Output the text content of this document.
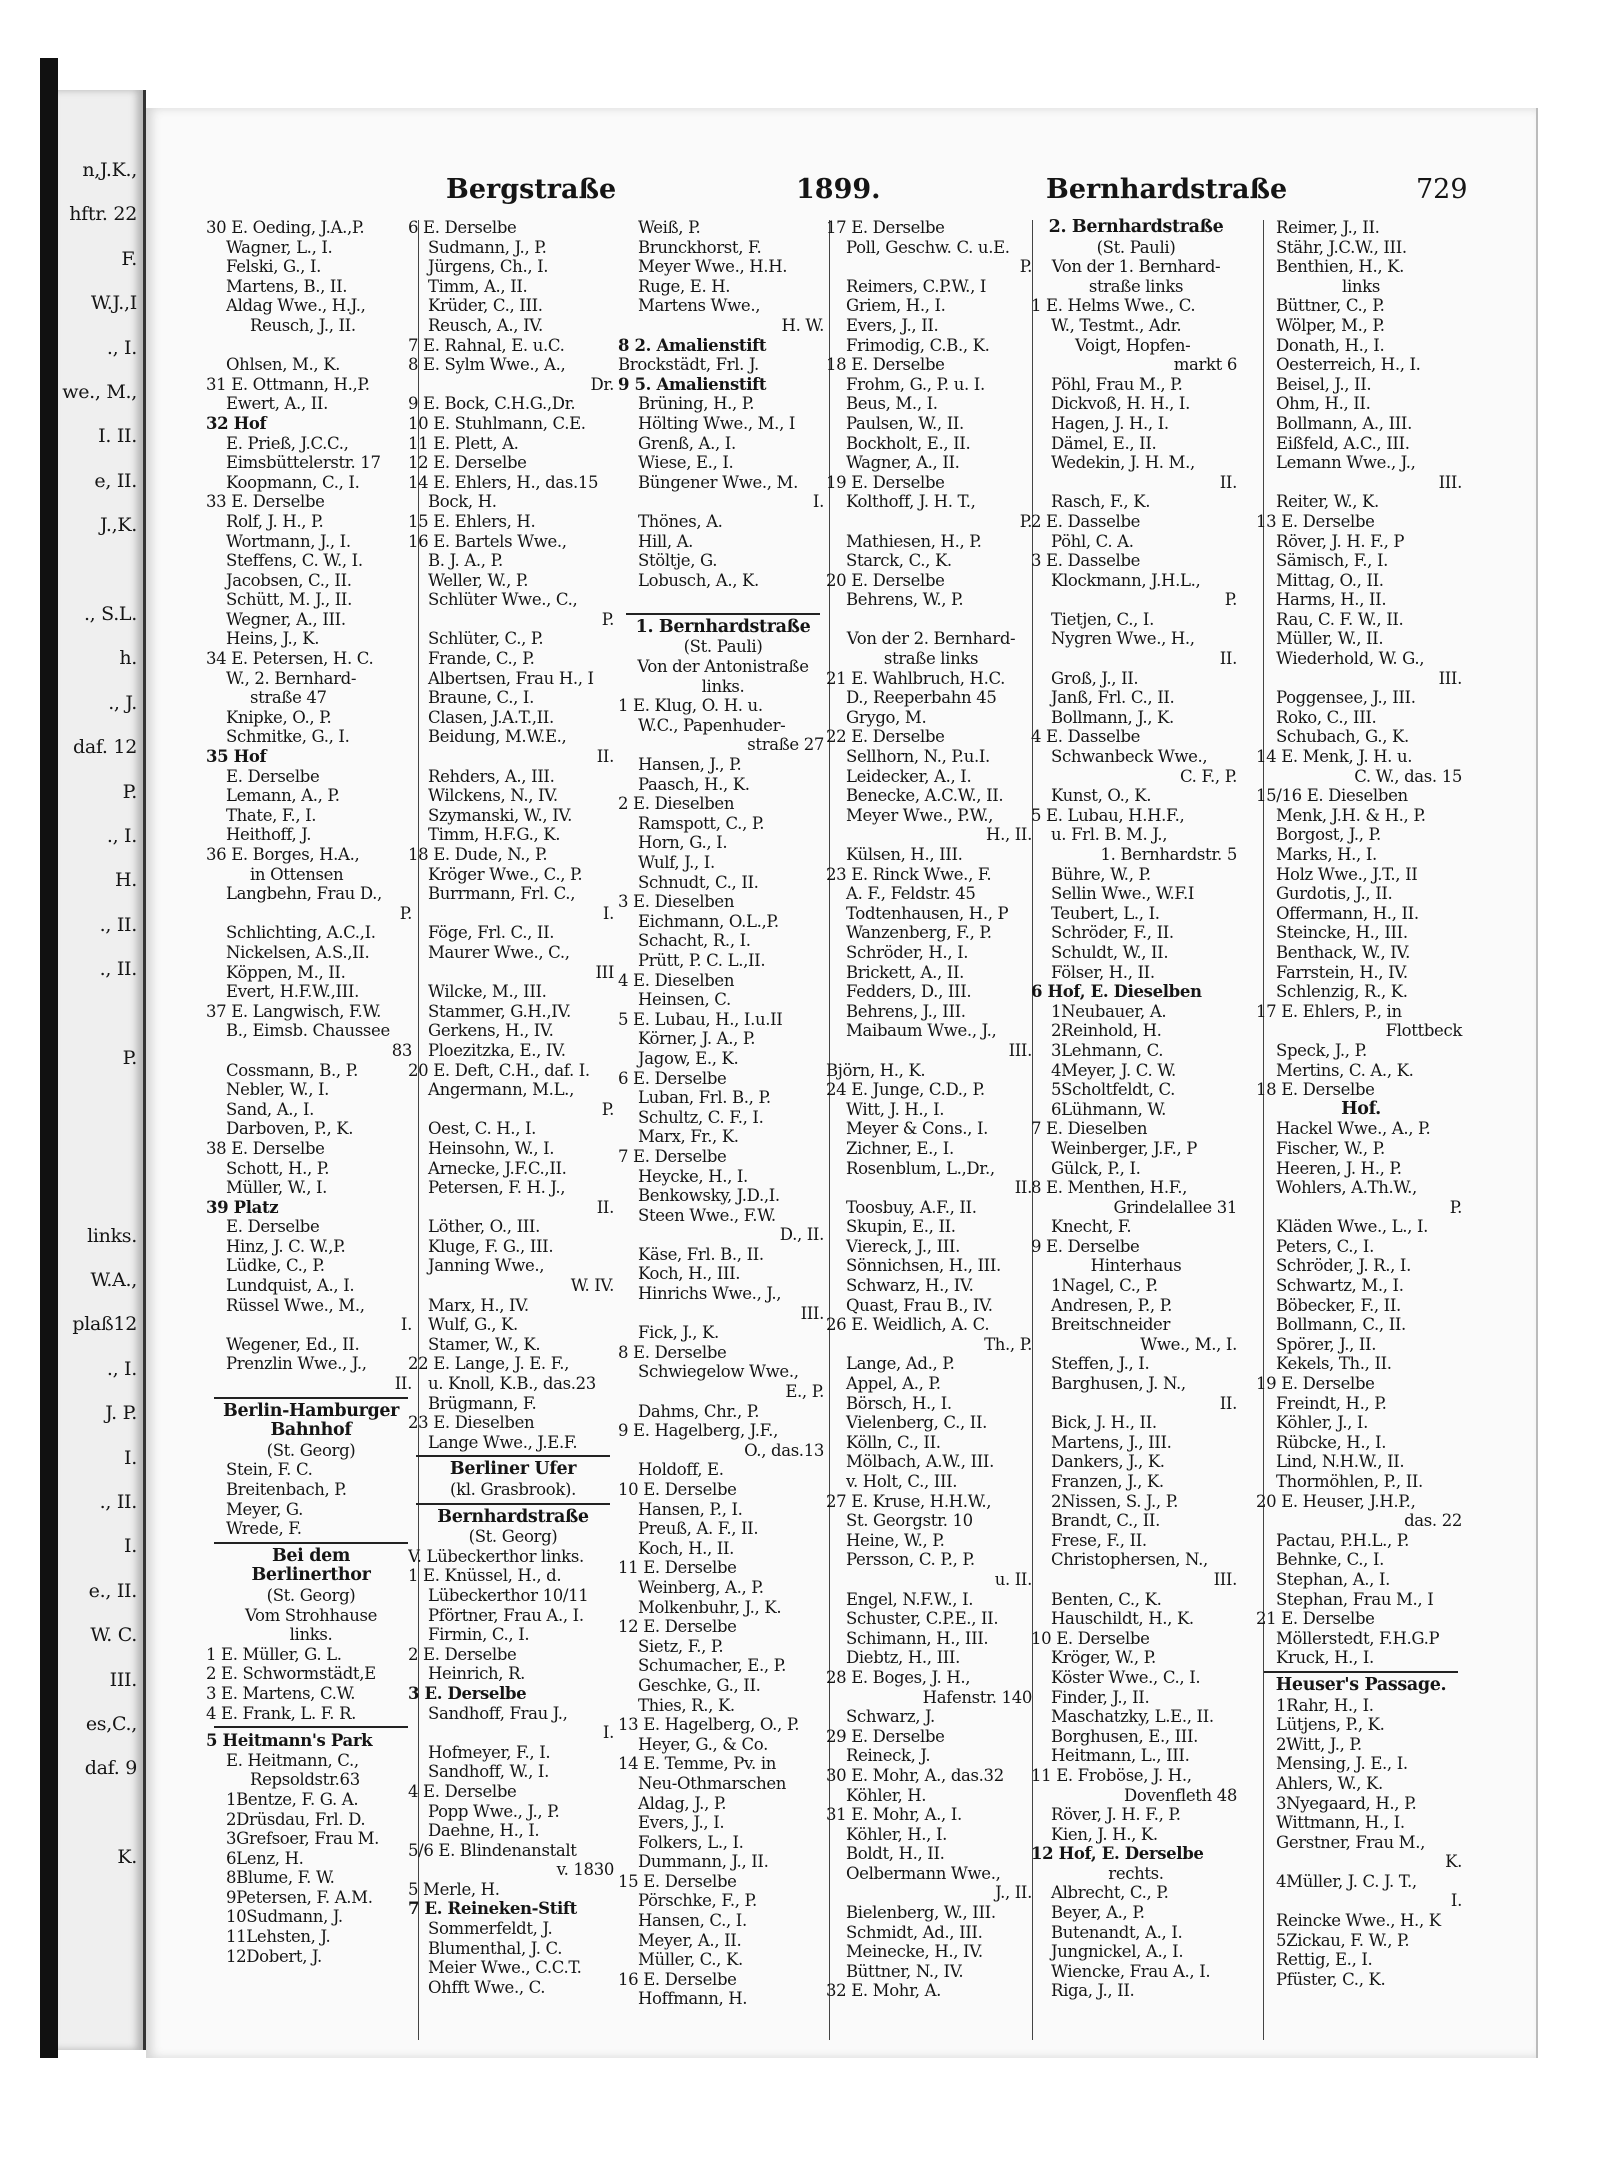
n,J.K.,
hftr. 22
F.
W.J.,I
., I.
we., M.,
I. II.
e, II.
J.,K.
., S.L.
h.
., J.
daf. 12
P.
., I.
H.
., II.
., II.
P.
links.
W.A.,
plaß12
., I.
J. P.
I.
., II.
I.
e., II.
W. C.
III.
es,C.,
daf. 9
K.
Bergstraße	1899.	Bernhardstraße	729
30 E. Oeding, J.A.,P.
Wagner, L., I.
Felski, G., I.
Martens, B., II.
Aldag Wwe., H.J.,
Reusch, J., II.
Ohlsen, M., K.
31 E. Ottmann, H.,P.
Ewert, A., II.
32 Hof
E. Prieß, J.C.C.,
Eimsbüttelerstr. 17
Koopmann, C., I.
33 E. Derselbe
Rolf, J. H., P.
Wortmann, J., I.
Steffens, C. W., I.
Jacobsen, C., II.
Schütt, M. J., II.
Wegner, A., III.
Heins, J., K.
34 E. Petersen, H. C.
W., 2. Bernhard-
straße 47
Knipke, O., P.
Schmitke, G., I.
35 Hof
E. Derselbe
Lemann, A., P.
Thate, F., I.
Heithoff, J.
36 E. Borges, H.A.,
in Ottensen
Langbehn, Frau D.,
P.
Schlichting, A.C.,I.
Nickelsen, A.S.,II.
Köppen, M., II.
Evert, H.F.W.,III.
37 E. Langwisch, F.W.
B., Eimsb. Chaussee
83
Cossmann, B., P.
Nebler, W., I.
Sand, A., I.
Darboven, P., K.
38 E. Derselbe
Schott, H., P.
Müller, W., I.
39 Platz
E. Derselbe
Hinz, J. C. W.,P.
Lüdke, C., P.
Lundquist, A., I.
Rüssel Wwe., M.,
I.
Wegener, Ed., II.
Prenzlin Wwe., J.,
II.
Berlin-Hamburger
Bahnhof
(St. Georg)
Stein, F. C.
Breitenbach, P.
Meyer, G.
Wrede, F.
Bei dem
Berlinerthor
(St. Georg)
Vom Strohhause
links.
1 E. Müller, G. L.
2 E. Schwormstädt,E
3 E. Martens, C.W.
4 E. Frank, L. F. R.
5 Heitmann's Park
E. Heitmann, C.,
Repsoldstr.63
1Bentze, F. G. A.
2Drüsdau, Frl. D.
3Grefsoer, Frau M.
6Lenz, H.
8Blume, F. W.
9Petersen, F. A.M.
10Sudmann, J.
11Lehsten, J.
12Dobert, J.
6 E. Derselbe
Sudmann, J., P.
Jürgens, Ch., I.
Timm, A., II.
Krüder, C., III.
Reusch, A., IV.
7 E. Rahnal, E. u.C.
8 E. Sylm Wwe., A.,
Dr.
9 E. Bock, C.H.G.,Dr.
10 E. Stuhlmann, C.E.
11 E. Plett, A.
12 E. Derselbe
14 E. Ehlers, H., das.15
Bock, H.
15 E. Ehlers, H.
16 E. Bartels Wwe.,
B. J. A., P.
Weller, W., P.
Schlüter Wwe., C.,
P.
Schlüter, C., P.
Frande, C., P.
Albertsen, Frau H., I
Braune, C., I.
Clasen, J.A.T.,II.
Beidung, M.W.E.,
II.
Rehders, A., III.
Wilckens, N., IV.
Szymanski, W., IV.
Timm, H.F.G., K.
18 E. Dude, N., P.
Kröger Wwe., C., P.
Burrmann, Frl. C.,
I.
Föge, Frl. C., II.
Maurer Wwe., C.,
III
Wilcke, M., III.
Stammer, G.H.,IV.
Gerkens, H., IV.
Ploezitzka, E., IV.
20 E. Deft, C.H., daf. I.
Angermann, M.L.,
P.
Oest, C. H., I.
Heinsohn, W., I.
Arnecke, J.F.C.,II.
Petersen, F. H. J.,
II.
Löther, O., III.
Kluge, F. G., III.
Janning Wwe.,
W. IV.
Marx, H., IV.
Wulf, G., K.
Stamer, W., K.
22 E. Lange, J. E. F.,
u. Knoll, K.B., das.23
Brügmann, F.
23 E. Dieselben
Lange Wwe., J.E.F.
Berliner Ufer
(kl. Grasbrook).
Bernhardstraße
(St. Georg)
V. Lübeckerthor links.
1 E. Knüssel, H., d.
Lübeckerthor 10/11
Pförtner, Frau A., I.
Firmin, C., I.
2 E. Derselbe
Heinrich, R.
3 E. Derselbe
Sandhoff, Frau J.,
I.
Hofmeyer, F., I.
Sandhoff, W., I.
4 E. Derselbe
Popp Wwe., J., P.
Daehne, H., I.
5/6 E. Blindenanstalt
v. 1830
5 Merle, H.
7 E. Reineken-Stift
Sommerfeldt, J.
Blumenthal, J. C.
Meier Wwe., C.C.T.
Ohfft Wwe., C.
Weiß, P.
Brunckhorst, F.
Meyer Wwe., H.H.
Ruge, E. H.
Martens Wwe.,
H. W.
8 2. Amalienstift
Brockstädt, Frl. J.
9 5. Amalienstift
Brüning, H., P.
Hölting Wwe., M., I
Grenß, A., I.
Wiese, E., I.
Büngener Wwe., M.
I.
Thönes, A.
Hill, A.
Stöltje, G.
Lobusch, A., K.
1. Bernhardstraße
(St. Pauli)
Von der Antonistraße
links.
1 E. Klug, O. H. u.
W.C., Papenhuder-
straße 27
Hansen, J., P.
Paasch, H., K.
2 E. Dieselben
Ramspott, C., P.
Horn, G., I.
Wulf, J., I.
Schnudt, C., II.
3 E. Dieselben
Eichmann, O.L.,P.
Schacht, R., I.
Prütt, P. C. L.,II.
4 E. Dieselben
Heinsen, C.
5 E. Lubau, H., I.u.II
Körner, J. A., P.
Jagow, E., K.
6 E. Derselbe
Luban, Frl. B., P.
Schultz, C. F., I.
Marx, Fr., K.
7 E. Derselbe
Heycke, H., I.
Benkowsky, J.D.,I.
Steen Wwe., F.W.
D., II.
Käse, Frl. B., II.
Koch, H., III.
Hinrichs Wwe., J.,
III.
Fick, J., K.
8 E. Derselbe
Schwiegelow Wwe.,
E., P.
Dahms, Chr., P.
9 E. Hagelberg, J.F.,
O., das.13
Holdoff, E.
10 E. Derselbe
Hansen, P., I.
Preuß, A. F., II.
Koch, H., II.
11 E. Derselbe
Weinberg, A., P.
Molkenbuhr, J., K.
12 E. Derselbe
Sietz, F., P.
Schumacher, E., P.
Geschke, G., II.
Thies, R., K.
13 E. Hagelberg, O., P.
Heyer, G., & Co.
14 E. Temme, Pv. in
Neu-Othmarschen
Aldag, J., P.
Evers, J., I.
Folkers, L., I.
Dummann, J., II.
15 E. Derselbe
Pörschke, F., P.
Hansen, C., I.
Meyer, A., II.
Müller, C., K.
16 E. Derselbe
Hoffmann, H.
17 E. Derselbe
Poll, Geschw. C. u.E.
P.
Reimers, C.P.W., I
Griem, H., I.
Evers, J., II.
Frimodig, C.B., K.
18 E. Derselbe
Frohm, G., P. u. I.
Beus, M., I.
Paulsen, W., II.
Bockholt, E., II.
Wagner, A., II.
19 E. Derselbe
Kolthoff, J. H. T.,
P.
Mathiesen, H., P.
Starck, C., K.
20 E. Derselbe
Behrens, W., P.
Von der 2. Bernhard-
straße links
21 E. Wahlbruch, H.C.
D., Reeperbahn 45
Grygo, M.
22 E. Derselbe
Sellhorn, N., P.u.I.
Leidecker, A., I.
Benecke, A.C.W., II.
Meyer Wwe., P.W.,
H., II.
Külsen, H., III.
23 E. Rinck Wwe., F.
A. F., Feldstr. 45
Todtenhausen, H., P
Wanzenberg, F., P.
Schröder, H., I.
Brickett, A., II.
Fedders, D., III.
Behrens, J., III.
Maibaum Wwe., J.,
III.
Björn, H., K.
24 E. Junge, C.D., P.
Witt, J. H., I.
Meyer & Cons., I.
Zichner, E., I.
Rosenblum, L.,Dr.,
II.
Toosbuy, A.F., II.
Skupin, E., II.
Viereck, J., III.
Sönnichsen, H., III.
Schwarz, H., IV.
Quast, Frau B., IV.
26 E. Weidlich, A. C.
Th., P.
Lange, Ad., P.
Appel, A., P.
Börsch, H., I.
Vielenberg, C., II.
Kölln, C., II.
Mölbach, A.W., III.
v. Holt, C., III.
27 E. Kruse, H.H.W.,
St. Georgstr. 10
Heine, W., P.
Persson, C. P., P.
u. II.
Engel, N.F.W., I.
Schuster, C.P.E., II.
Schimann, H., III.
Diebtz, H., III.
28 E. Boges, J. H.,
Hafenstr. 140
Schwarz, J.
29 E. Derselbe
Reineck, J.
30 E. Mohr, A., das.32
Köhler, H.
31 E. Mohr, A., I.
Köhler, H., I.
Boldt, H., II.
Oelbermann Wwe.,
J., II.
Bielenberg, W., III.
Schmidt, Ad., III.
Meinecke, H., IV.
Büttner, N., IV.
32 E. Mohr, A.
2. Bernhardstraße
(St. Pauli)
Von der 1. Bernhard-
straße links
1 E. Helms Wwe., C.
W., Testmt., Adr.
Voigt, Hopfen-
markt 6
Pöhl, Frau M., P.
Dickvoß, H. H., I.
Hagen, J. H., I.
Dämel, E., II.
Wedekin, J. H. M.,
II.
Rasch, F., K.
2 E. Dasselbe
Pöhl, C. A.
3 E. Dasselbe
Klockmann, J.H.L.,
P.
Tietjen, C., I.
Nygren Wwe., H.,
II.
Groß, J., II.
Janß, Frl. C., II.
Bollmann, J., K.
4 E. Dasselbe
Schwanbeck Wwe.,
C. F., P.
Kunst, O., K.
5 E. Lubau, H.H.F.,
u. Frl. B. M. J.,
1. Bernhardstr. 5
Bühre, W., P.
Sellin Wwe., W.F.I
Teubert, L., I.
Schröder, F., II.
Schuldt, W., II.
Fölser, H., II.
6 Hof, E. Dieselben
1Neubauer, A.
2Reinhold, H.
3Lehmann, C.
4Meyer, J. C. W.
5Scholtfeldt, C.
6Lühmann, W.
7 E. Dieselben
Weinberger, J.F., P
Gülck, P., I.
8 E. Menthen, H.F.,
Grindelallee 31
Knecht, F.
9 E. Derselbe
Hinterhaus
1Nagel, C., P.
Andresen, P., P.
Breitschneider
Wwe., M., I.
Steffen, J., I.
Barghusen, J. N.,
II.
Bick, J. H., II.
Martens, J., III.
Dankers, J., K.
Franzen, J., K.
2Nissen, S. J., P.
Brandt, C., II.
Frese, F., II.
Christophersen, N.,
III.
Benten, C., K.
Hauschildt, H., K.
10 E. Derselbe
Kröger, W., P.
Köster Wwe., C., I.
Finder, J., II.
Maschatzky, L.E., II.
Borghusen, E., III.
Heitmann, L., III.
11 E. Froböse, J. H.,
Dovenfleth 48
Röver, J. H. F., P.
Kien, J. H., K.
12 Hof, E. Derselbe
rechts.
Albrecht, C., P.
Beyer, A., P.
Butenandt, A., I.
Jungnickel, A., I.
Wiencke, Frau A., I.
Riga, J., II.
Reimer, J., II.
Stähr, J.C.W., III.
Benthien, H., K.
links
Büttner, C., P.
Wölper, M., P.
Donath, H., I.
Oesterreich, H., I.
Beisel, J., II.
Ohm, H., II.
Bollmann, A., III.
Eißfeld, A.C., III.
Lemann Wwe., J.,
III.
Reiter, W., K.
13 E. Derselbe
Röver, J. H. F., P
Sämisch, F., I.
Mittag, O., II.
Harms, H., II.
Rau, C. F. W., II.
Müller, W., II.
Wiederhold, W. G.,
III.
Poggensee, J., III.
Roko, C., III.
Schubach, G., K.
14 E. Menk, J. H. u.
C. W., das. 15
15/16 E. Dieselben
Menk, J.H. & H., P.
Borgost, J., P.
Marks, H., I.
Holz Wwe., J.T., II
Gurdotis, J., II.
Offermann, H., II.
Steincke, H., III.
Benthack, W., IV.
Farrstein, H., IV.
Schlenzig, R., K.
17 E. Ehlers, P., in
Flottbeck
Speck, J., P.
Mertins, C. A., K.
18 E. Derselbe
Hof.
Hackel Wwe., A., P.
Fischer, W., P.
Heeren, J. H., P.
Wohlers, A.Th.W.,
P.
Kläden Wwe., L., I.
Peters, C., I.
Schröder, J. R., I.
Schwartz, M., I.
Böbecker, F., II.
Bollmann, C., II.
Spörer, J., II.
Kekels, Th., II.
19 E. Derselbe
Freindt, H., P.
Köhler, J., I.
Rübcke, H., I.
Lind, N.H.W., II.
Thormöhlen, P., II.
20 E. Heuser, J.H.P.,
das. 22
Pactau, P.H.L., P.
Behnke, C., I.
Stephan, A., I.
Stephan, Frau M., I
21 E. Derselbe
Möllerstedt, F.H.G.P
Kruck, H., I.
Heuser's Passage.
1Rahr, H., I.
Lütjens, P., K.
2Witt, J., P.
Mensing, J. E., I.
Ahlers, W., K.
3Nyegaard, H., P.
Wittmann, H., I.
Gerstner, Frau M.,
K.
4Müller, J. C. J. T.,
I.
Reincke Wwe., H., K
5Zickau, F. W., P.
Rettig, E., I.
Pfüster, C., K.
